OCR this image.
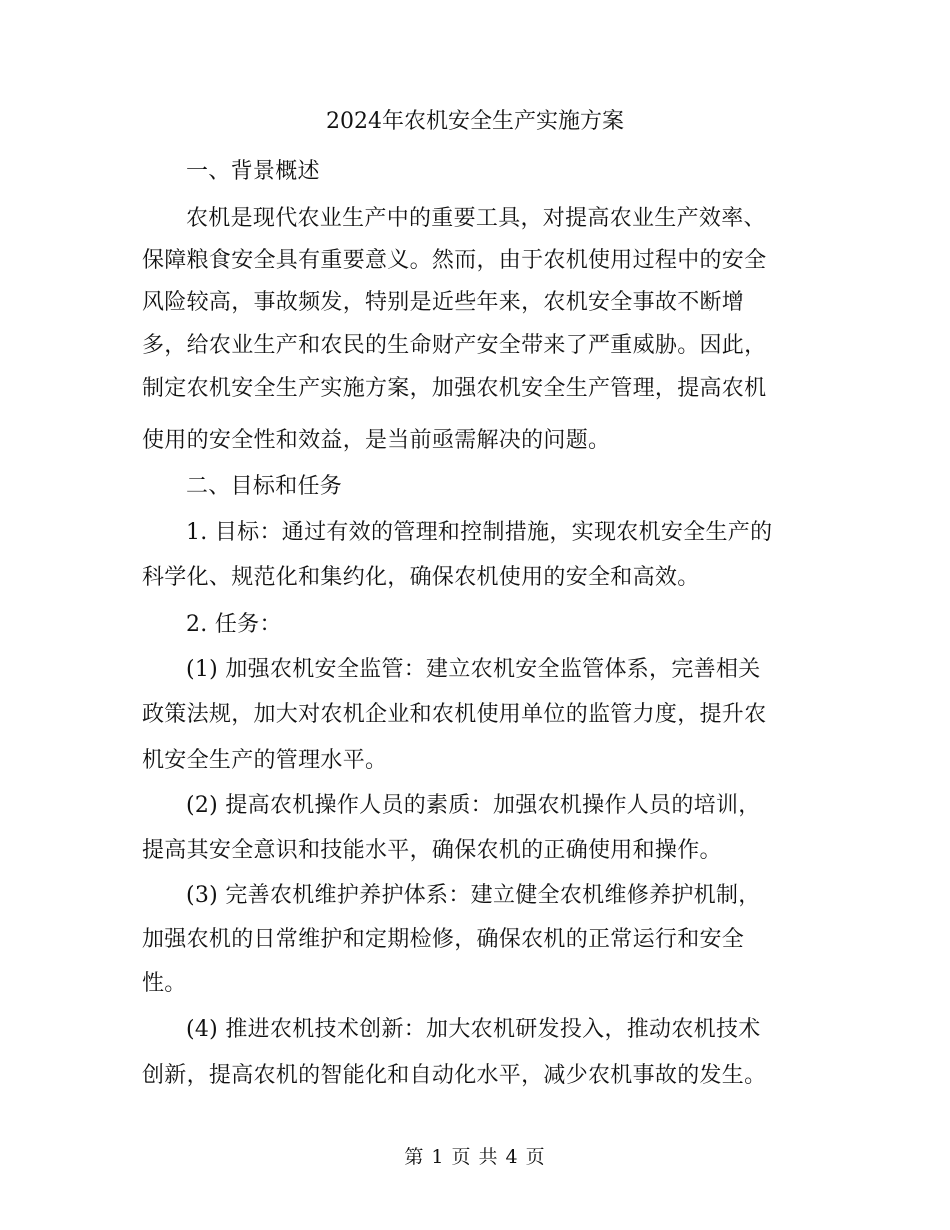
2024年农机安全生产实施方案
一、背景概述
农机是现代农业生产中的重要工具，对提高农业生产效率、
保障粮食安全具有重要意义。然而，由于农机使用过程中的安全
风险较高，事故频发，特别是近些年来，农机安全事故不断增
多，给农业生产和农民的生命财产安全带来了严重威胁。因此，
制定农机安全生产实施方案，加强农机安全生产管理，提高农机
使用的安全性和效益，是当前亟需解决的问题。
二、目标和任务
1. 目标：通过有效的管理和控制措施，实现农机安全生产的
科学化、规范化和集约化，确保农机使用的安全和高效。
2. 任务：
(1) 加强农机安全监管：建立农机安全监管体系，完善相关
政策法规，加大对农机企业和农机使用单位的监管力度，提升农
机安全生产的管理水平。
(2) 提高农机操作人员的素质：加强农机操作人员的培训，
提高其安全意识和技能水平，确保农机的正确使用和操作。
(3) 完善农机维护养护体系：建立健全农机维修养护机制，
加强农机的日常维护和定期检修，确保农机的正常运行和安全
性。
(4) 推进农机技术创新：加大农机研发投入，推动农机技术
创新，提高农机的智能化和自动化水平，减少农机事故的发生。
第 1 页 共 4 页
